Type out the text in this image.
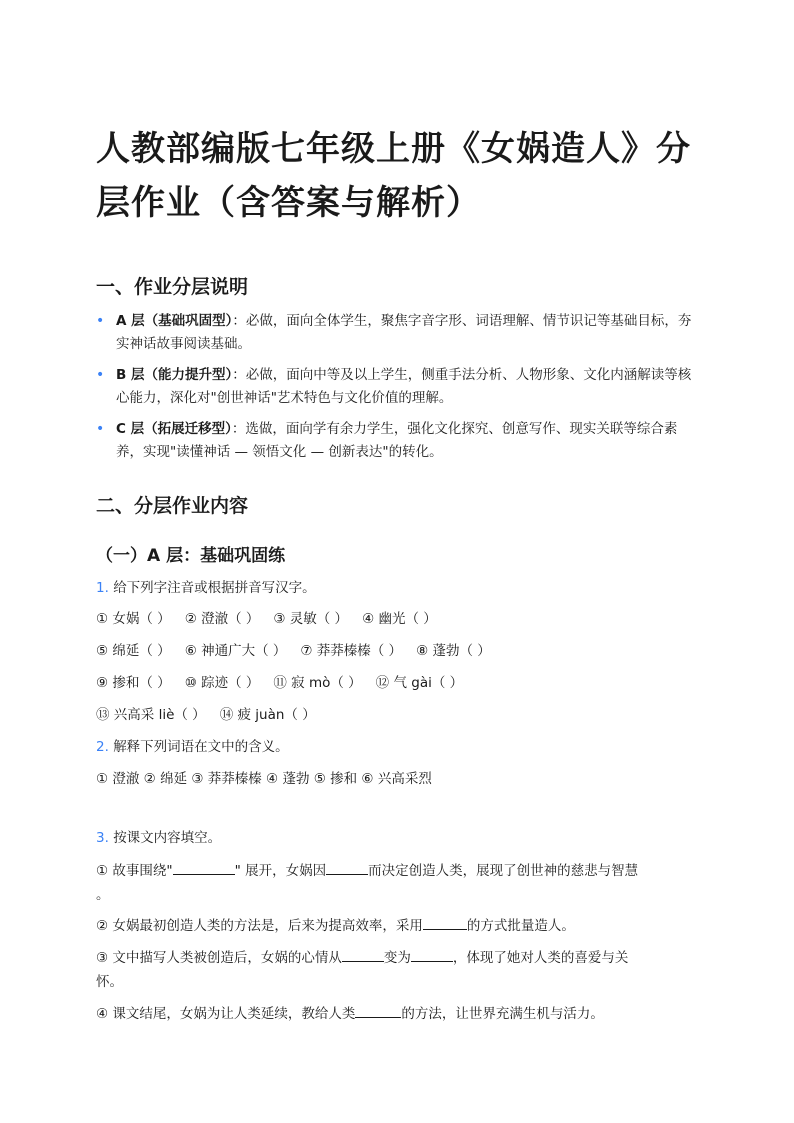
人教部编版七年级上册《女娲造人》分层作业（含答案与解析）
一、作业分层说明
• A 层（基础巩固型）：必做，面向全体学生，聚焦字音字形、词语理解、情节识记等基础目标，夯实神话故事阅读基础。
• B 层（能力提升型）：必做，面向中等及以上学生，侧重手法分析、人物形象、文化内涵解读等核心能力，深化对"创世神话"艺术特色与文化价值的理解。
• C 层（拓展迁移型）：选做，面向学有余力学生，强化文化探究、创意写作、现实关联等综合素养，实现"读懂神话 — 领悟文化 — 创新表达"的转化。
二、分层作业内容
（一）A 层：基础巩固练
1. 给下列字注音或根据拼音写汉字。
① 女娲（ ） ② 澄澈（ ） ③ 灵敏（ ） ④ 幽光（ ）
⑤ 绵延（ ） ⑥ 神通广大（ ） ⑦ 莽莽榛榛（ ） ⑧ 蓬勃（ ）
⑨ 掺和（ ） ⑩ 踪迹（ ） ⑪ 寂 mò（ ） ⑫ 气 gài（ ）
⑬ 兴高采 liè（ ） ⑭ 疲 juàn（ ）
2. 解释下列词语在文中的含义。
① 澄澈 ② 绵延 ③ 莽莽榛榛 ④ 蓬勃 ⑤ 掺和 ⑥ 兴高采烈
3. 按课文内容填空。
① 故事围绕"	" 展开，女娲因	而决定创造人类，展现了创世神的慈悲与智慧
。
② 女娲最初创造人类的方法是，后来为提高效率，采用	的方式批量造人。
③ 文中描写人类被创造后，女娲的心情从	变为	，体现了她对人类的喜爱与关
怀。
④ 课文结尾，女娲为让人类延续，教给人类	的方法，让世界充满生机与活力。
